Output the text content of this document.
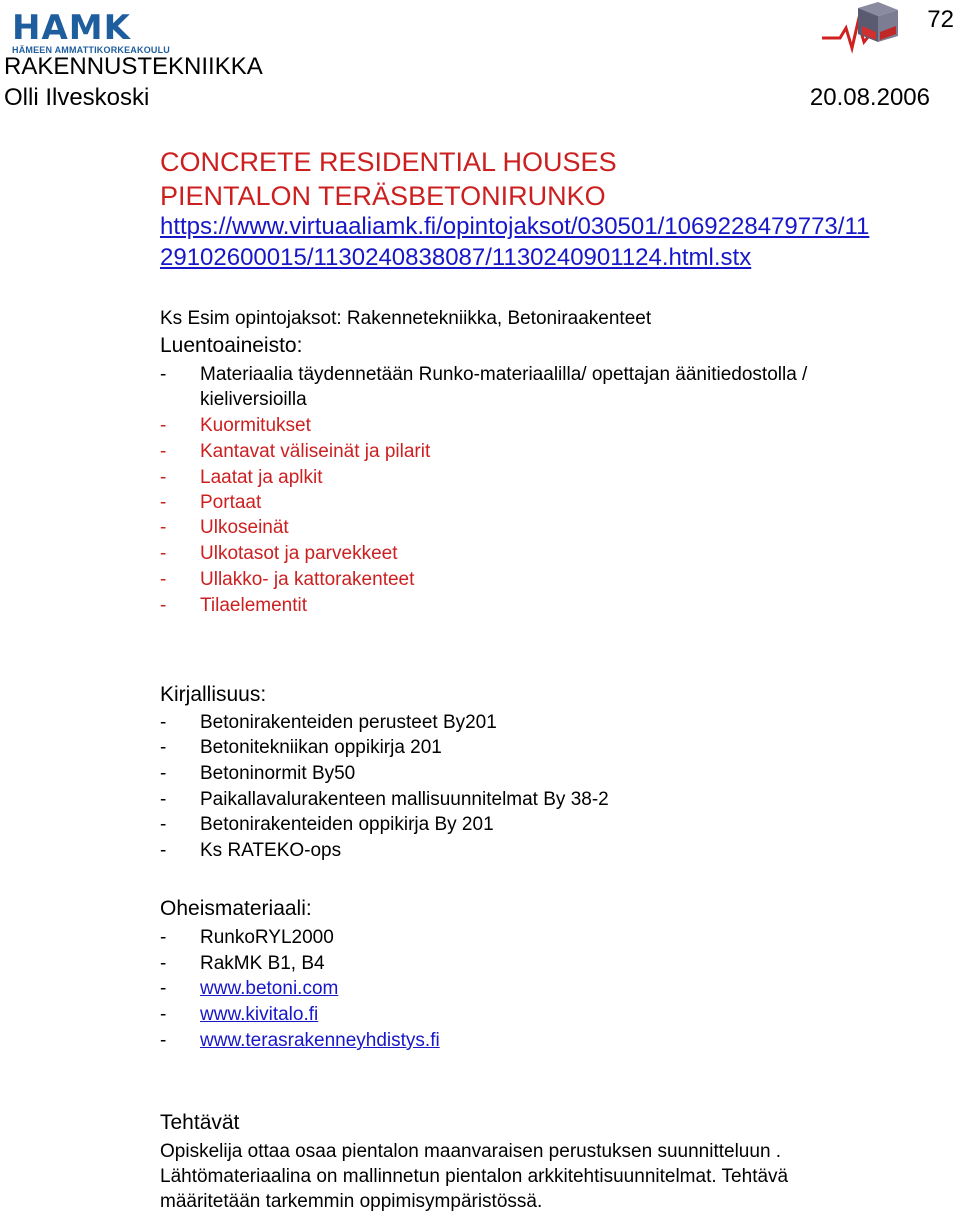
HAMK
HÄMEEN AMMATTIKORKEAKOULU
72
RAKENNUSTEKNIIKKA
Olli Ilveskoski	20.08.2006
CONCRETE RESIDENTIAL HOUSES
PIENTALON TERÄSBETONIRUNKO
https://www.virtuaaliamk.fi/opintojaksot/030501/1069228479773/11
29102600015/1130240838087/1130240901124.html.stx
Ks Esim opintojaksot: Rakennetekniikka, Betoniraakenteet
Luentoaineisto:
- Materiaalia täydennetään Runko-materiaalilla/ opettajan äänitiedostolla /
kieliversioilla
- Kuormitukset
- Kantavat väliseinät ja pilarit
- Laatat ja aplkit
- Portaat
- Ulkoseinät
- Ulkotasot ja parvekkeet
- Ullakko- ja kattorakenteet
- Tilaelementit
Kirjallisuus:
- Betonirakenteiden perusteet By201
- Betonitekniikan oppikirja 201
- Betoninormit By50
- Paikallavalurakenteen mallisuunnitelmat By 38-2
- Betonirakenteiden oppikirja By 201
- Ks RATEKO-ops
Oheismateriaali:
- RunkoRYL2000
- RakMK B1, B4
- www.betoni.com
- www.kivitalo.fi
- www.terasrakenneyhdistys.fi
Tehtävät
Opiskelija ottaa osaa pientalon maanvaraisen perustuksen suunnitteluun .
Lähtömateriaalina on mallinnetun pientalon arkkitehtisuunnitelmat. Tehtävä
määritetään tarkemmin oppimisympäristössä.
